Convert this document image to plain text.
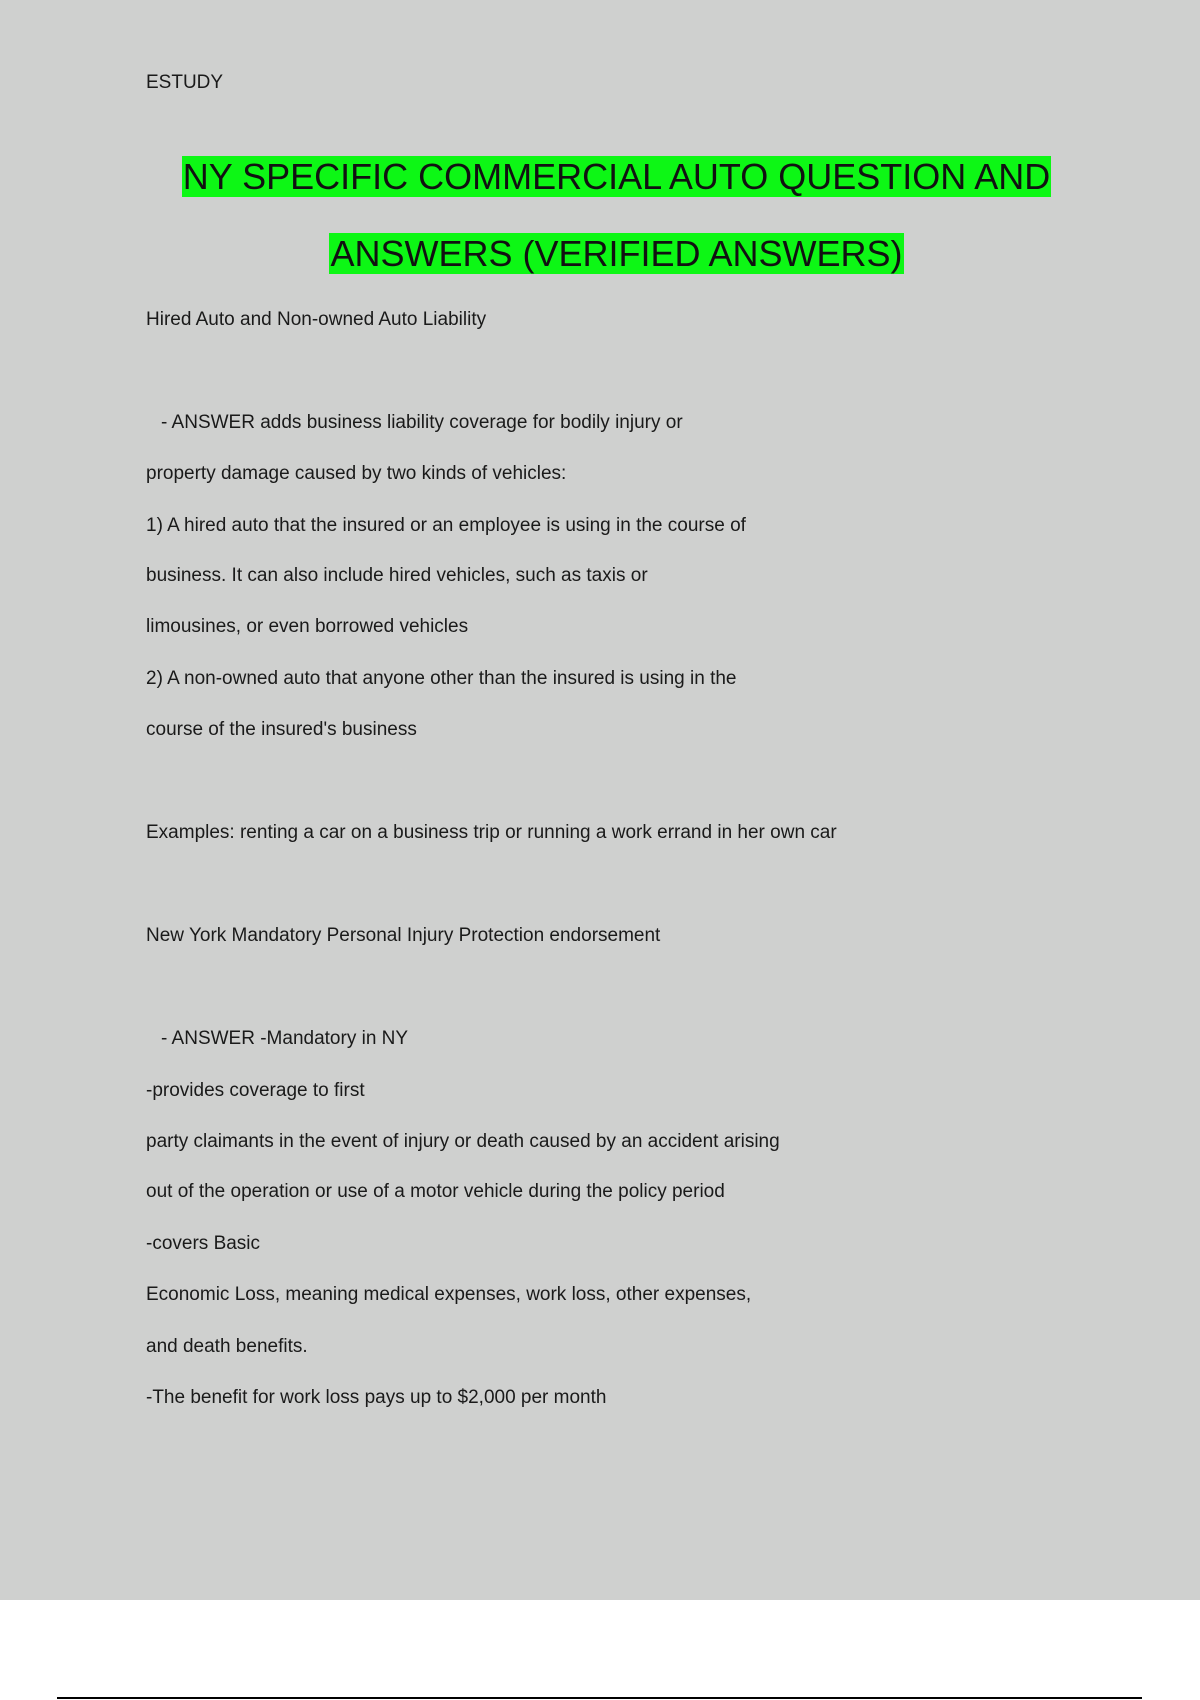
ESTUDY
NY SPECIFIC COMMERCIAL AUTO QUESTION AND
ANSWERS (VERIFIED ANSWERS)
Hired Auto and Non-owned Auto Liability
- ANSWER adds business liability coverage for bodily injury or
property damage caused by two kinds of vehicles:
1) A hired auto that the insured or an employee is using in the course of
business. It can also include hired vehicles, such as taxis or
limousines, or even borrowed vehicles
2) A non-owned auto that anyone other than the insured is using in the
course of the insured's business
Examples: renting a car on a business trip or running a work errand in her own car
New York Mandatory Personal Injury Protection endorsement
- ANSWER -Mandatory in NY
-provides coverage to first
party claimants in the event of injury or death caused by an accident arising
out of the operation or use of a motor vehicle during the policy period
-covers Basic
Economic Loss, meaning medical expenses, work loss, other expenses,
and death benefits.
-The benefit for work loss pays up to $2,000 per month
